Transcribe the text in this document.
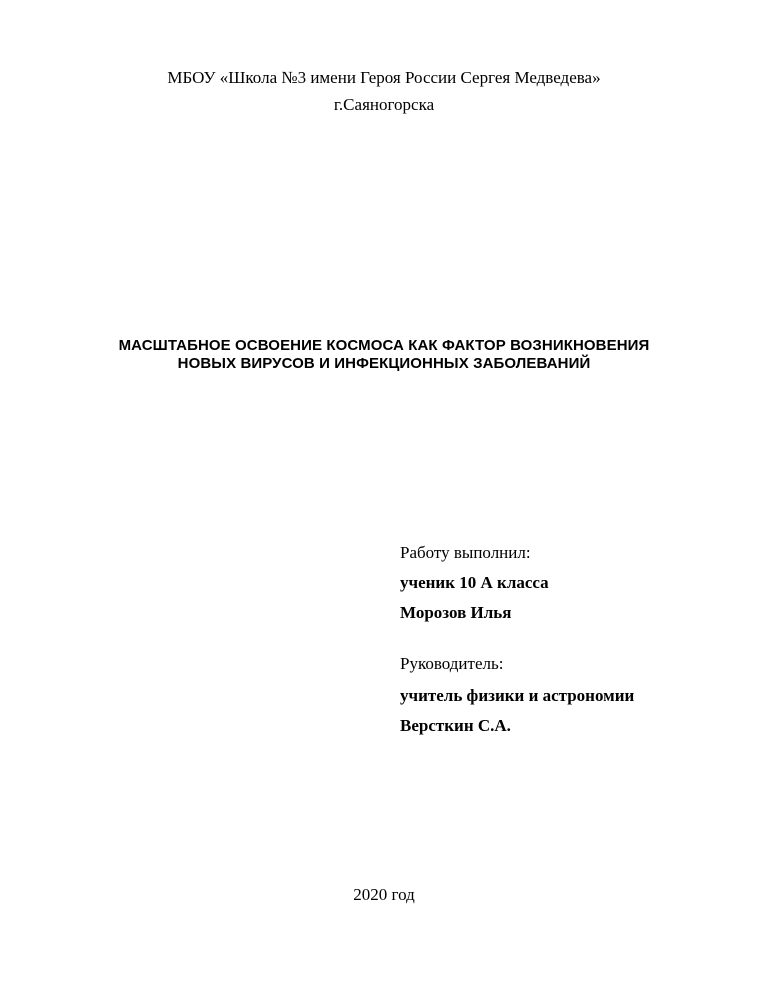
МБОУ «Школа №3 имени Героя России Сергея Медведева»

г.Саяногорска

МАСШТАБНОЕ ОСВОЕНИЕ КОСМОСА КАК ФАКТОР ВОЗНИКНОВЕНИЯ

НОВЫХ ВИРУСОВ И ИНФЕКЦИОННЫХ ЗАБОЛЕВАНИЙ

Работу выполнил:

ученик 10 А класса

Морозов Илья

Руководитель:

учитель физики и астрономии

Версткин С.А.

2020 год
